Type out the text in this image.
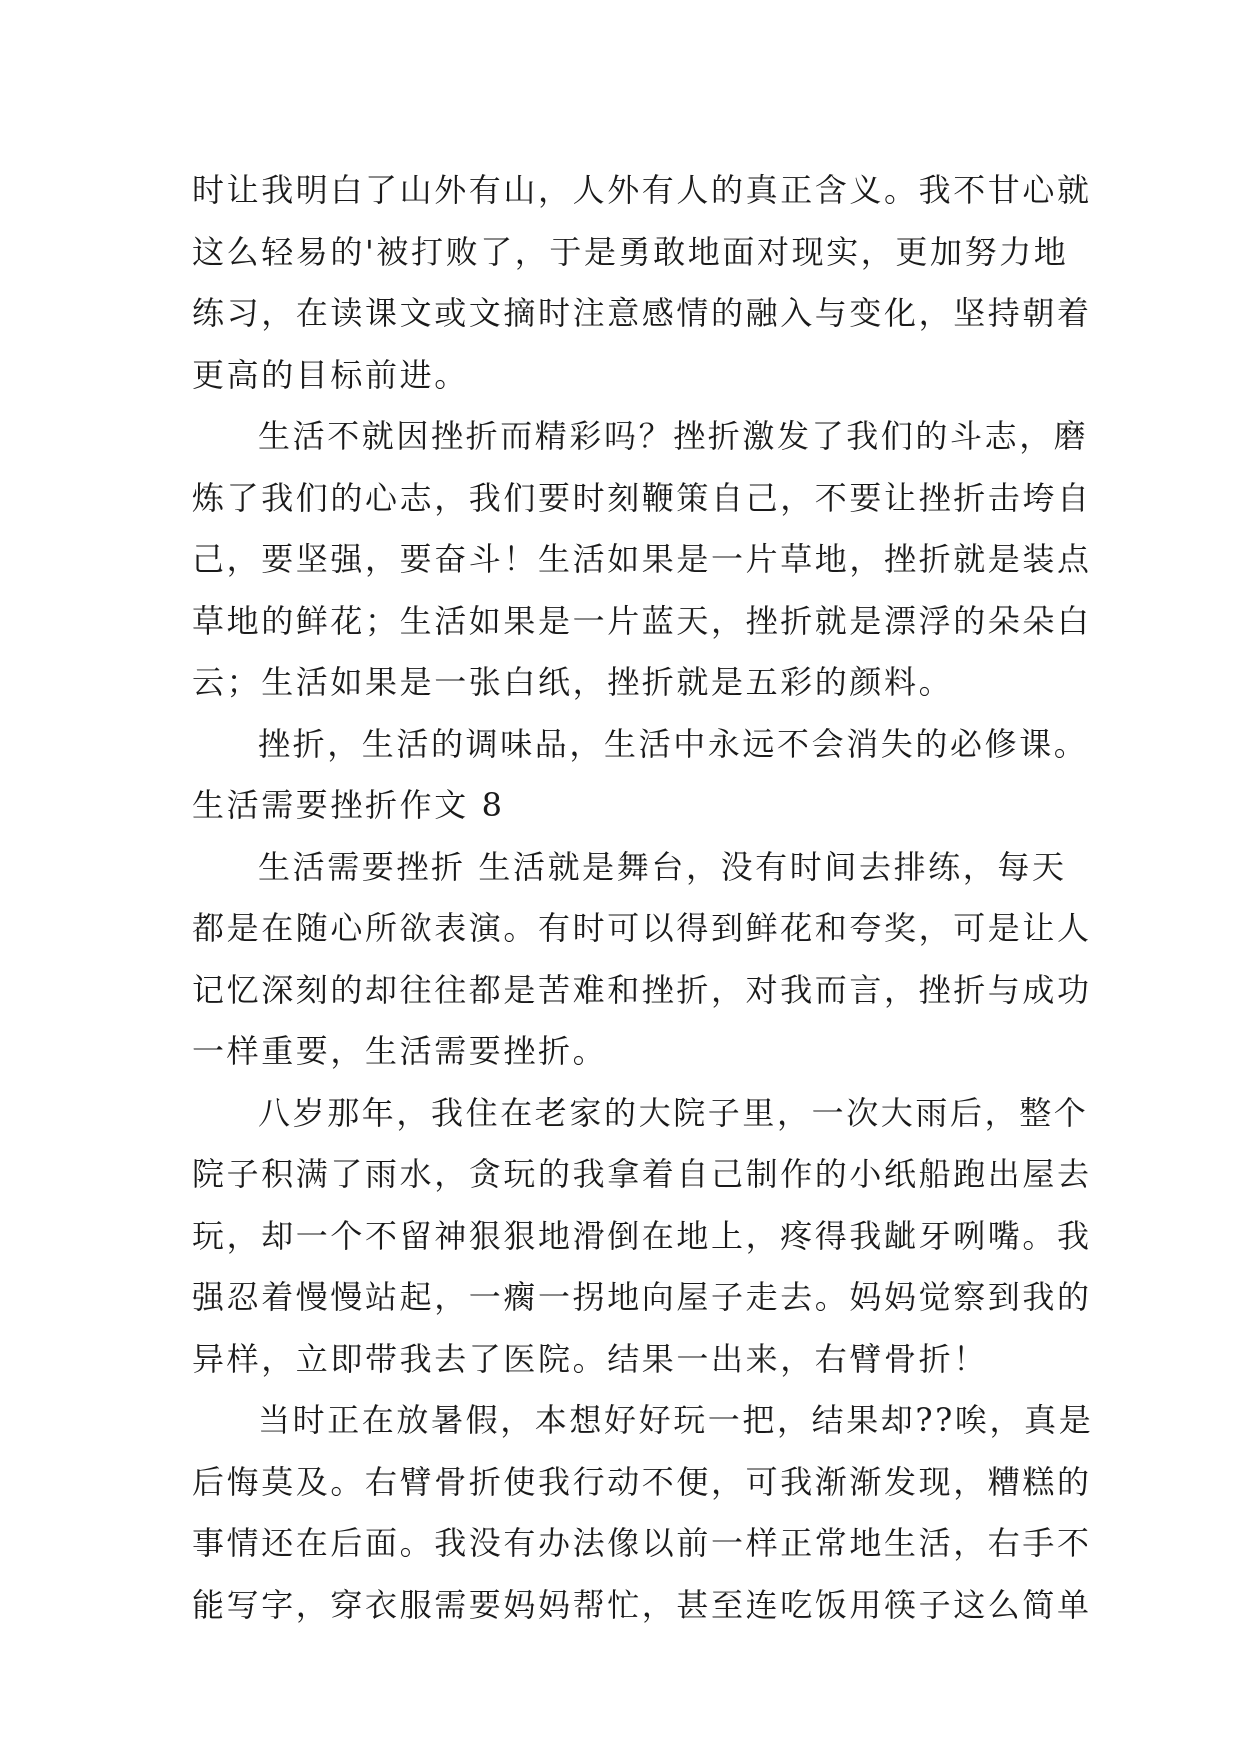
时让我明白了山外有山，人外有人的真正含义。我不甘心就
这么轻易的'被打败了，于是勇敢地面对现实，更加努力地
练习，在读课文或文摘时注意感情的融入与变化，坚持朝着
更高的目标前进。
生活不就因挫折而精彩吗？挫折激发了我们的斗志，磨
炼了我们的心志，我们要时刻鞭策自己，不要让挫折击垮自
己，要坚强，要奋斗！生活如果是一片草地，挫折就是装点
草地的鲜花；生活如果是一片蓝天，挫折就是漂浮的朵朵白
云；生活如果是一张白纸，挫折就是五彩的颜料。
挫折，生活的调味品，生活中永远不会消失的必修课。
生活需要挫折作文 8
生活需要挫折 生活就是舞台，没有时间去排练，每天
都是在随心所欲表演。有时可以得到鲜花和夸奖，可是让人
记忆深刻的却往往都是苦难和挫折，对我而言，挫折与成功
一样重要，生活需要挫折。
八岁那年，我住在老家的大院子里，一次大雨后，整个
院子积满了雨水，贪玩的我拿着自己制作的小纸船跑出屋去
玩，却一个不留神狠狠地滑倒在地上，疼得我龇牙咧嘴。我
强忍着慢慢站起，一瘸一拐地向屋子走去。妈妈觉察到我的
异样，立即带我去了医院。结果一出来，右臂骨折！
当时正在放暑假，本想好好玩一把，结果却??唉，真是
后悔莫及。右臂骨折使我行动不便，可我渐渐发现，糟糕的
事情还在后面。我没有办法像以前一样正常地生活，右手不
能写字，穿衣服需要妈妈帮忙，甚至连吃饭用筷子这么简单
